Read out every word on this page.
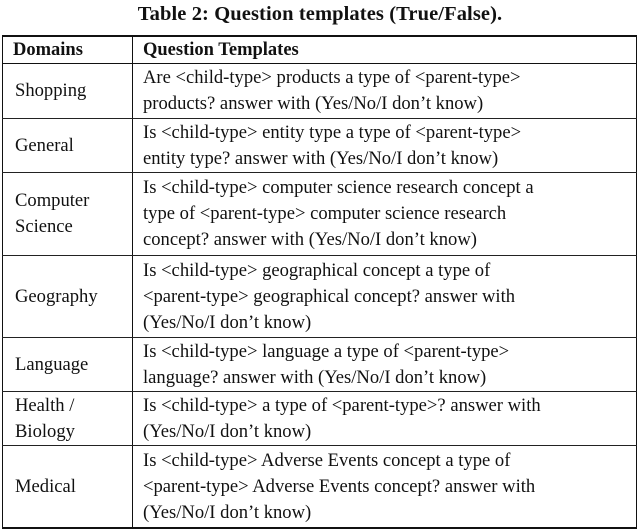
Table 2: Question templates (True/False).
Domains	Question Templates
Shopping	Are <child-type> products a type of <parent-type>
products? answer with (Yes/No/I don’t know)

General	Is <child-type> entity type a type of <parent-type>
entity type? answer with (Yes/No/I don’t know)

Computer
Science	Is <child-type> computer science research concept a
type of <parent-type> computer science research
concept? answer with (Yes/No/I don’t know)

Geography	Is <child-type> geographical concept a type of
<parent-type> geographical concept? answer with
(Yes/No/I don’t know)

Language	Is <child-type> language a type of <parent-type>
language? answer with (Yes/No/I don’t know)

Health /
Biology	Is <child-type> a type of <parent-type>? answer with
(Yes/No/I don’t know)

Medical	Is <child-type> Adverse Events concept a type of
<parent-type> Adverse Events concept? answer with
(Yes/No/I don’t know)
